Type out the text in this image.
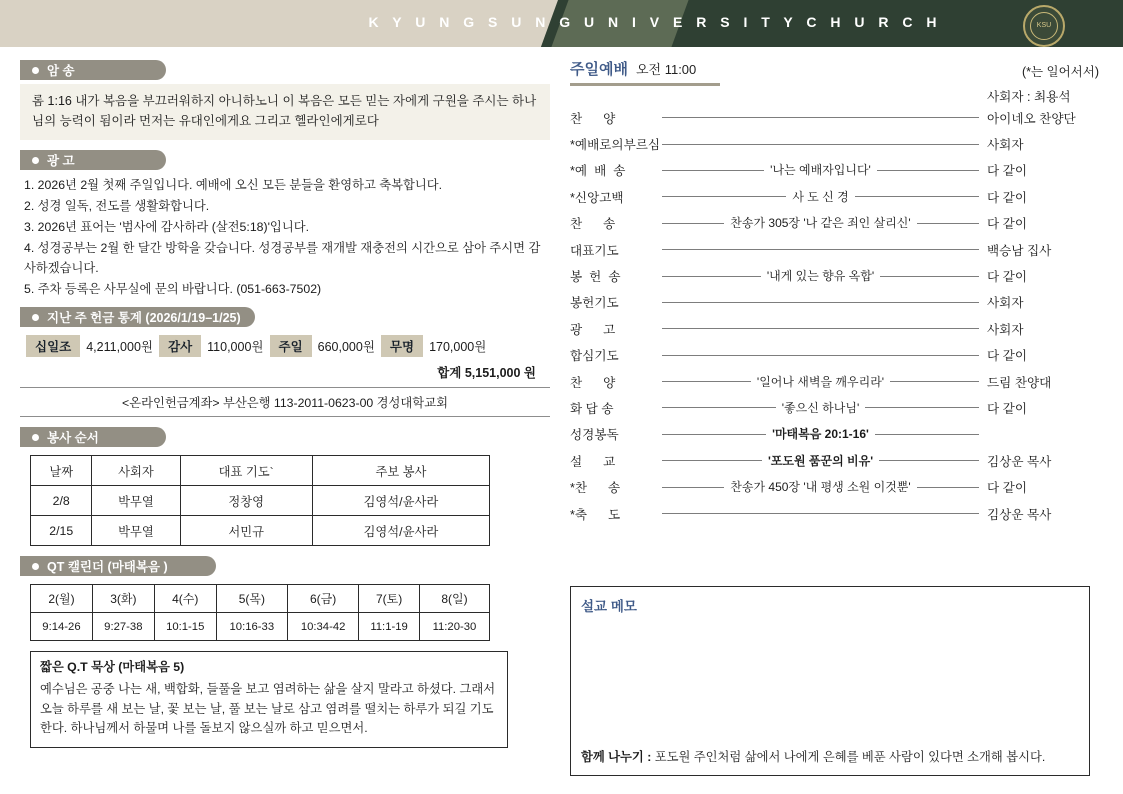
K Y U N G S U N G U N I V E R S I T Y C H U R C H	KSU
암 송
롬 1:16 내가 복음을 부끄러워하지 아니하노니 이 복음은 모든 믿는 자에게 구원을 주시는 하나님의 능력이 됨이라 먼저는 유대인에게요 그리고 헬라인에게로다
광 고
1. 2026년 2월 첫째 주일입니다. 예배에 오신 모든 분들을 환영하고 축복합니다.
2. 성경 일독, 전도를 생활화합니다.
3. 2026년 표어는 '범사에 감사하라 (살전5:18)'입니다.
4. 성경공부는 2월 한 달간 방학을 갖습니다. 성경공부를 재개발 재충전의 시간으로 삼아 주시면 감사하겠습니다.
5. 주차 등록은 사무실에 문의 바랍니다. (051-663-7502)
지난 주 헌금 통계 (2026/1/19–1/25)
십일조	4,211,000원	감사	110,000원	주일	660,000원	무명	170,000원
합계 5,151,000 원
<온라인헌금계좌> 부산은행 113-2011-0623-00 경성대학교회
봉사 순서
날짜	사회자	대표 기도`	주보 봉사
2/8	박무열	정창영	김영석/윤사라
2/15	박무열	서민규	김영석/윤사라
QT 캘린더 (마태복음 )
2(월)	3(화)	4(수)	5(목)	6(금)	7(토)	8(일)
9:14-26	9:27-38	10:1-15	10:16-33	10:34-42	11:1-19	11:20-30
짧은 Q.T 묵상 (마태복음 5)
예수님은 공중 나는 새, 백합화, 들풀을 보고 염려하는 삶을 살지 말라고 하셨다. 그래서 오늘 하루를 새 보는 날, 꽃 보는 날, 풀 보는 날로 삼고 염려를 떨치는 하루가 되길 기도한다. 하나님께서 하물며 나를 돌보지 않으실까 하고 믿으면서.
주일예배 오전 11:00	(*는 일어서서)
사회자 : 최용석
찬      양	아이네오 찬양단
*예배로의부르심	사회자
*예  배  송	'나는 예배자입니다'	다 같이
*신앙고백	사 도 신 경	다 같이
찬      송	찬송가 305장 '나 같은 죄인 살리신'	다 같이
대표기도	백승남 집사
봉  헌  송	'내게 있는 향유 옥합'	다 같이
봉헌기도	사회자
광      고	사회자
합심기도	다 같이
찬      양	'일어나 새벽을 깨우리라'	드림 찬양대
화 답 송	'좋으신 하나님'	다 같이
성경봉독	'마태복음 20:1-16'
설      교	'포도원 품꾼의 비유'	김상운 목사
*찬      송	찬송가 450장 '내 평생 소원 이것뿐'	다 같이
*축      도	김상운 목사
설교 메모
함께 나누기 : 포도원 주인처럼 삶에서 나에게 은혜를 베푼 사람이 있다면 소개해 봅시다.
